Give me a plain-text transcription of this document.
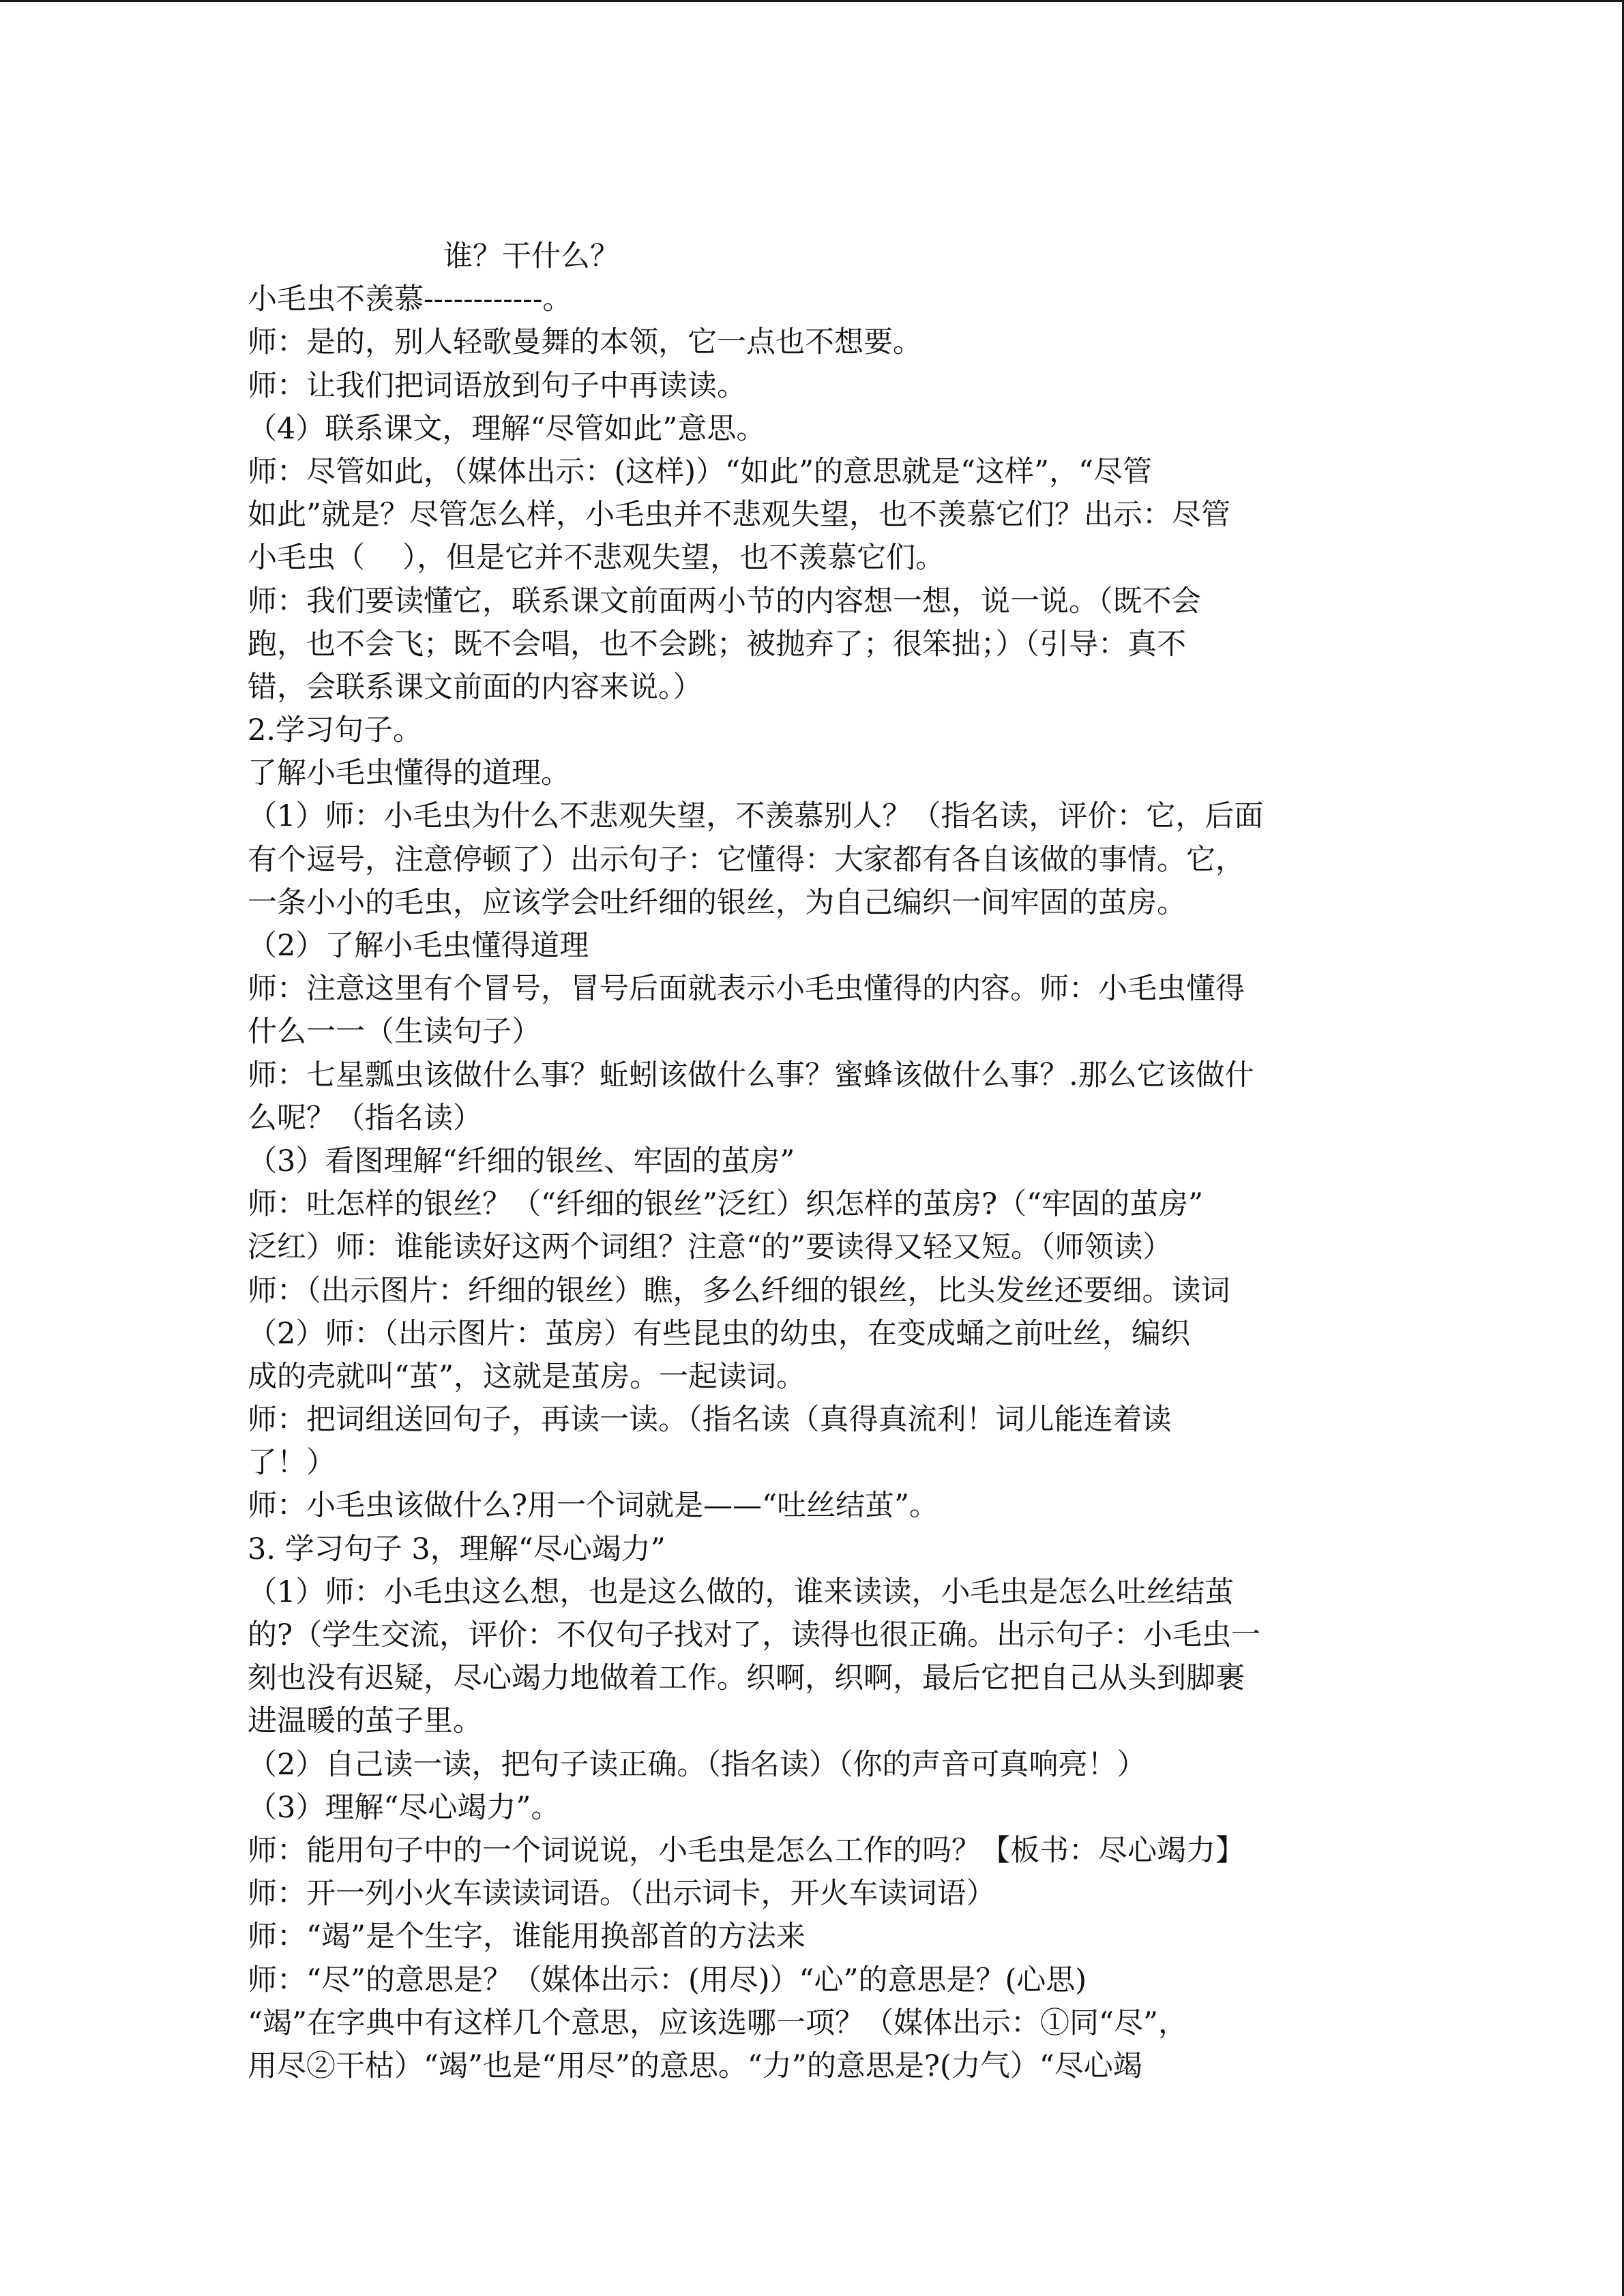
谁？干什么？
小毛虫不羡慕------------。
师：是的，别人轻歌曼舞的本领，它一点也不想要。
师：让我们把词语放到句子中再读读。
（4）联系课文，理解“尽管如此”意思。
师：尽管如此，（媒体出示：(这样)）“如此”的意思就是“这样”，“尽管
如此”就是？尽管怎么样，小毛虫并不悲观失望，也不羡慕它们？出示：尽管
小毛虫（    ），但是它并不悲观失望，也不羡慕它们。
师：我们要读懂它，联系课文前面两小节的内容想一想，说一说。（既不会
跑，也不会飞；既不会唱，也不会跳；被抛弃了；很笨拙；）（引导：真不
错，会联系课文前面的内容来说。）
2.学习句子。
了解小毛虫懂得的道理。
（1）师：小毛虫为什么不悲观失望，不羡慕别人？（指名读，评价：它，后面
有个逗号，注意停顿了）出示句子：它懂得：大家都有各自该做的事情。它，
一条小小的毛虫，应该学会吐纤细的银丝，为自己编织一间牢固的茧房。
（2）了解小毛虫懂得道理
师：注意这里有个冒号，冒号后面就表示小毛虫懂得的内容。师：小毛虫懂得
什么一一（生读句子）
师：七星瓢虫该做什么事？蚯蚓该做什么事？蜜蜂该做什么事？.那么它该做什
么呢？（指名读）
（3）看图理解“纤细的银丝、牢固的茧房”
师：吐怎样的银丝？（“纤细的银丝”泛红）织怎样的茧房?（“牢固的茧房”
泛红）师：谁能读好这两个词组？注意“的”要读得又轻又短。（师领读）
师：（出示图片：纤细的银丝）瞧，多么纤细的银丝，比头发丝还要细。读词
（2）师：（出示图片：茧房）有些昆虫的幼虫，在变成蛹之前吐丝，编织
成的壳就叫“茧”，这就是茧房。一起读词。
师：把词组送回句子，再读一读。（指名读（真得真流利！词儿能连着读
了！）
师：小毛虫该做什么?用一个词就是——“吐丝结茧”。
3. 学习句子 3，理解“尽心竭力”
（1）师：小毛虫这么想，也是这么做的，谁来读读，小毛虫是怎么吐丝结茧
的?（学生交流，评价：不仅句子找对了，读得也很正确。出示句子：小毛虫一
刻也没有迟疑，尽心竭力地做着工作。织啊，织啊，最后它把自己从头到脚裹
进温暖的茧子里。
（2）自己读一读，把句子读正确。（指名读）（你的声音可真响亮！）
（3）理解“尽心竭力”。
师：能用句子中的一个词说说，小毛虫是怎么工作的吗？【板书：尽心竭力】
师：开一列小火车读读词语。（出示词卡，开火车读词语）
师：“竭”是个生字，谁能用换部首的方法来
师：“尽”的意思是？（媒体出示：(用尽)）“心”的意思是？(心思)
“竭”在字典中有这样几个意思，应该选哪一项？（媒体出示：①同“尽”，
用尽②干枯）“竭”也是“用尽”的意思。“力”的意思是?(力气）“尽心竭
